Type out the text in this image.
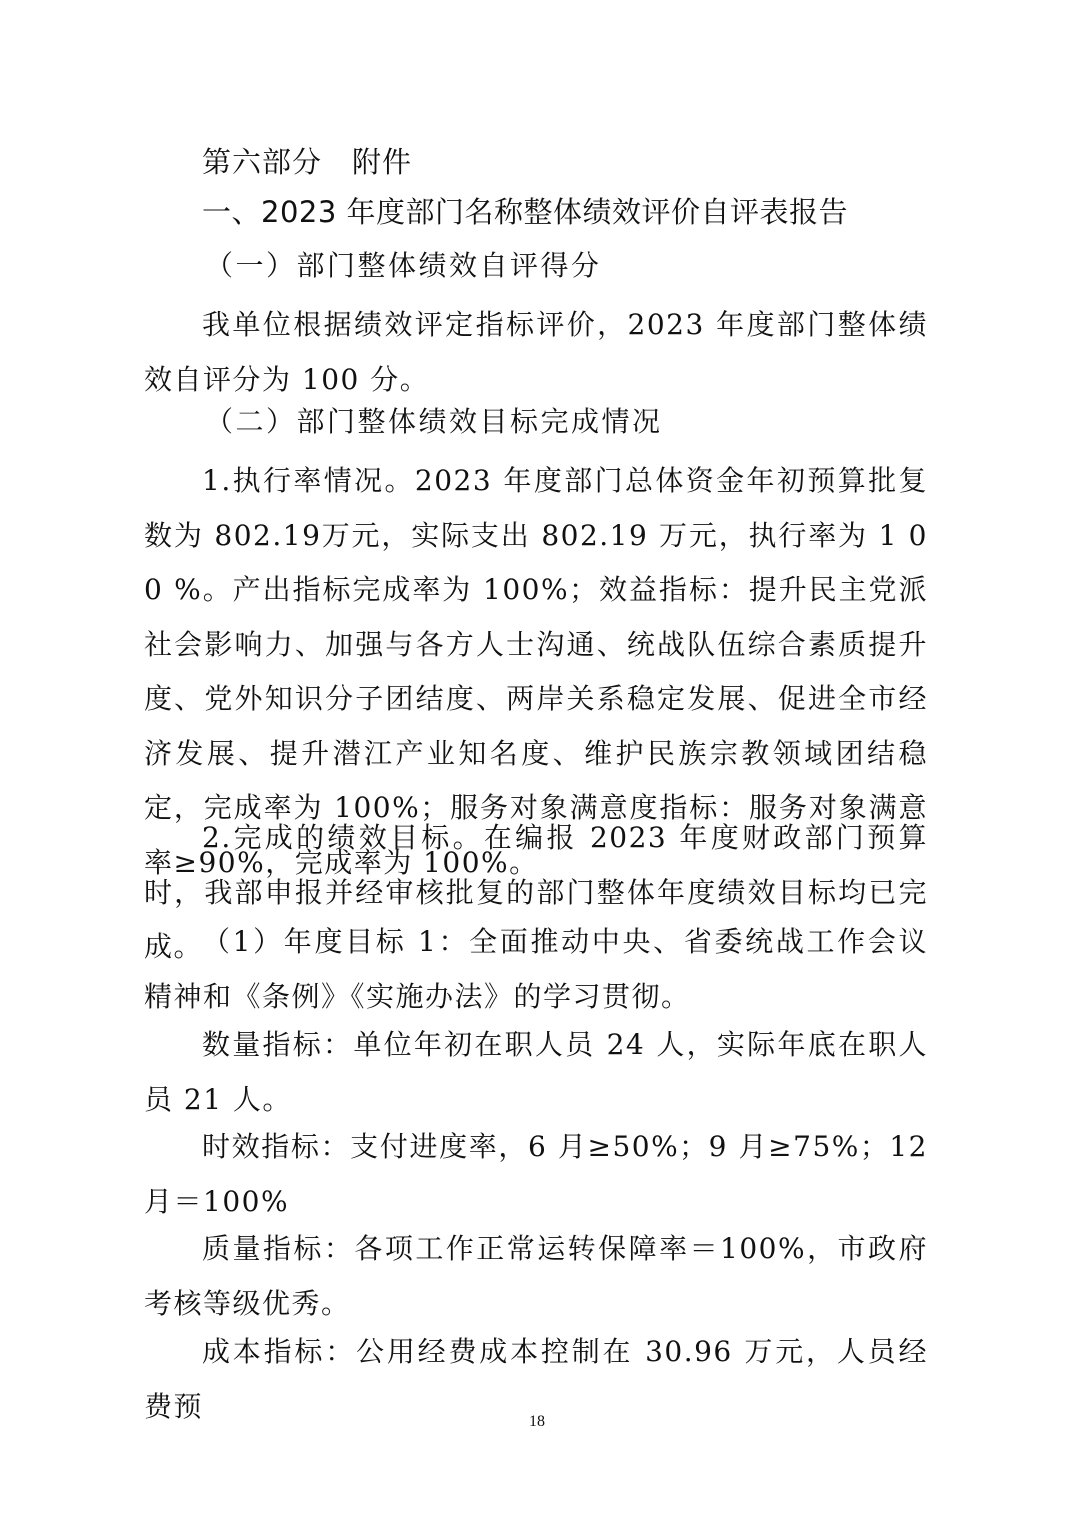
第六部分　附件
一、2023 年度部门名称整体绩效评价自评表报告
（一）部门整体绩效自评得分

我单位根据绩效评定指标评价，2023 年度部门整体绩效自评分为 100 分。

（二）部门整体绩效目标完成情况

1.执行率情况。2023 年度部门总体资金年初预算批复数为 802.19万元，实际支出 802.19 万元，执行率为 1 0 0 %。产出指标完成率为 100%；效益指标：提升民主党派社会影响力、加强与各方人士沟通、统战队伍综合素质提升度、党外知识分子团结度、两岸关系稳定发展、促进全市经济发展、提升潜江产业知名度、维护民族宗教领域团结稳定，完成率为 100%；服务对象满意度指标：服务对象满意率≥90%，完成率为 100%。

2.完成的绩效目标。在编报 2023 年度财政部门预算时，我部申报并经审核批复的部门整体年度绩效目标均已完成。

（1）年度目标 1：全面推动中央、省委统战工作会议精神和《条例》《实施办法》的学习贯彻。

数量指标：单位年初在职人员 24 人，实际年底在职人员 21 人。

时效指标：支付进度率，6 月≥50%；9 月≥75%；12 月＝100%

质量指标：各项工作正常运转保障率＝100%，市政府考核等级优秀。

成本指标：公用经费成本控制在 30.96 万元，人员经费预	18
